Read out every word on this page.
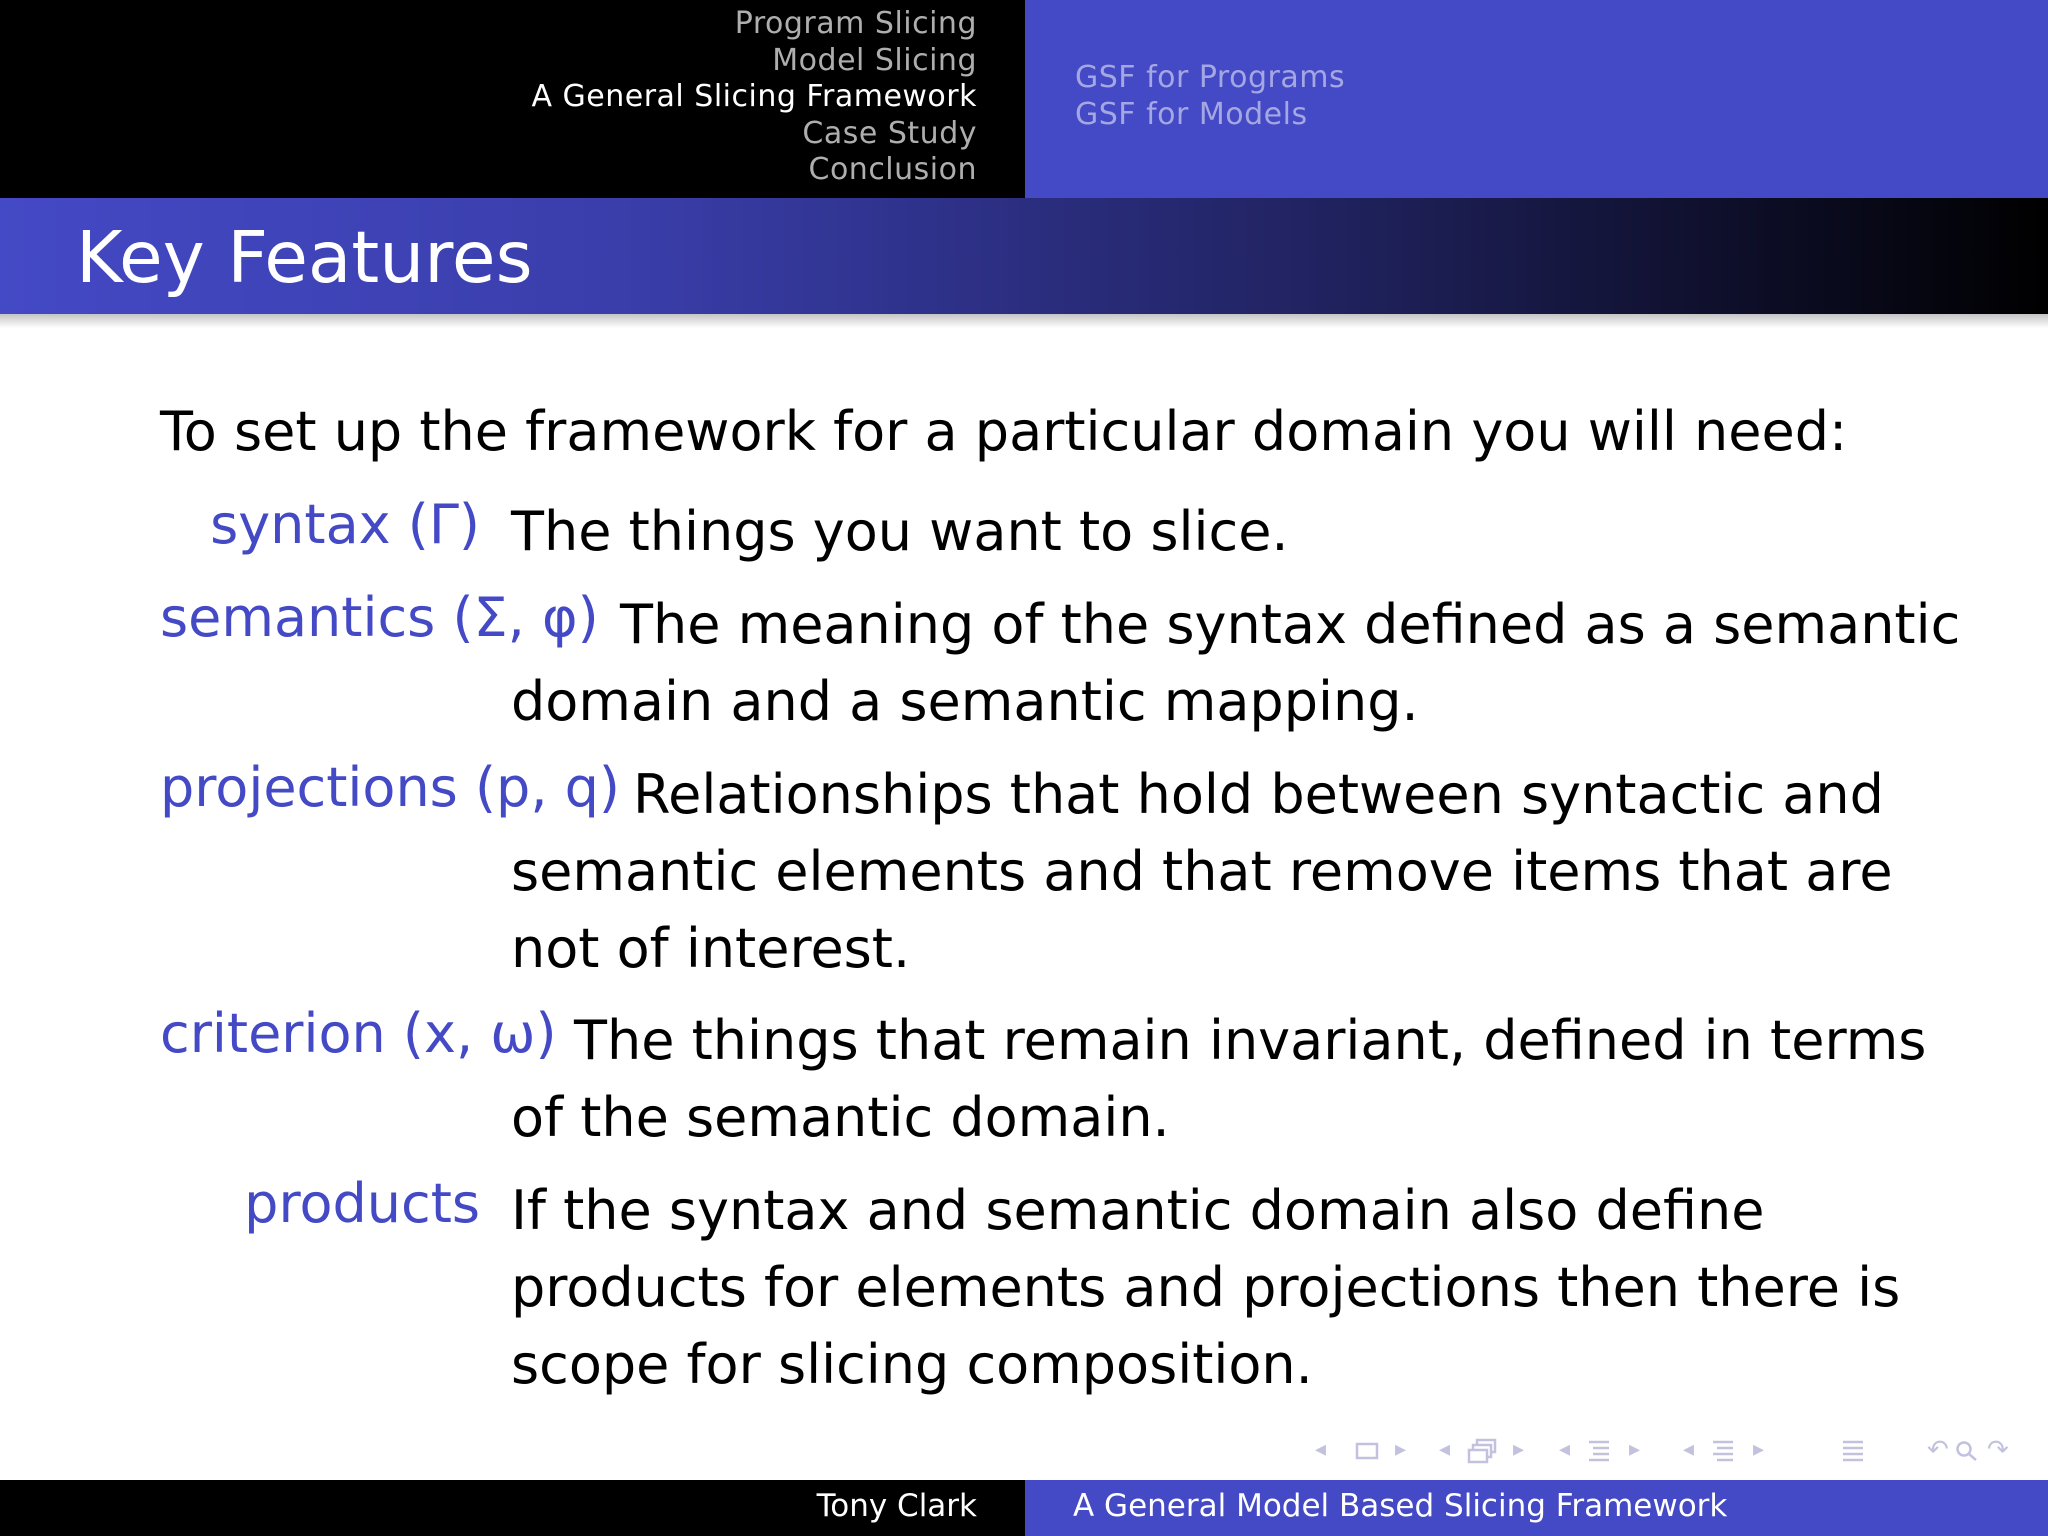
Program Slicing
Model Slicing
A General Slicing Framework
Case Study
Conclusion
GSF for Programs
GSF for Models
Key Features
To set up the framework for a particular domain you will need:
syntax (Γ) The things you want to slice.
semantics (Σ, φ) The meaning of the syntax defined as a semantic
domain and a semantic mapping.
projections (p, q) Relationships that hold between syntactic and
semantic elements and that remove items that are
not of interest.
criterion (x, ω) The things that remain invariant, defined in terms
of the semantic domain.
products If the syntax and semantic domain also define
products for elements and projections then there is
scope for slicing composition.
◂	▸ ◂	▸ ◂	▸ ◂	▸	↶ ↷
Tony Clark	A General Model Based Slicing Framework
